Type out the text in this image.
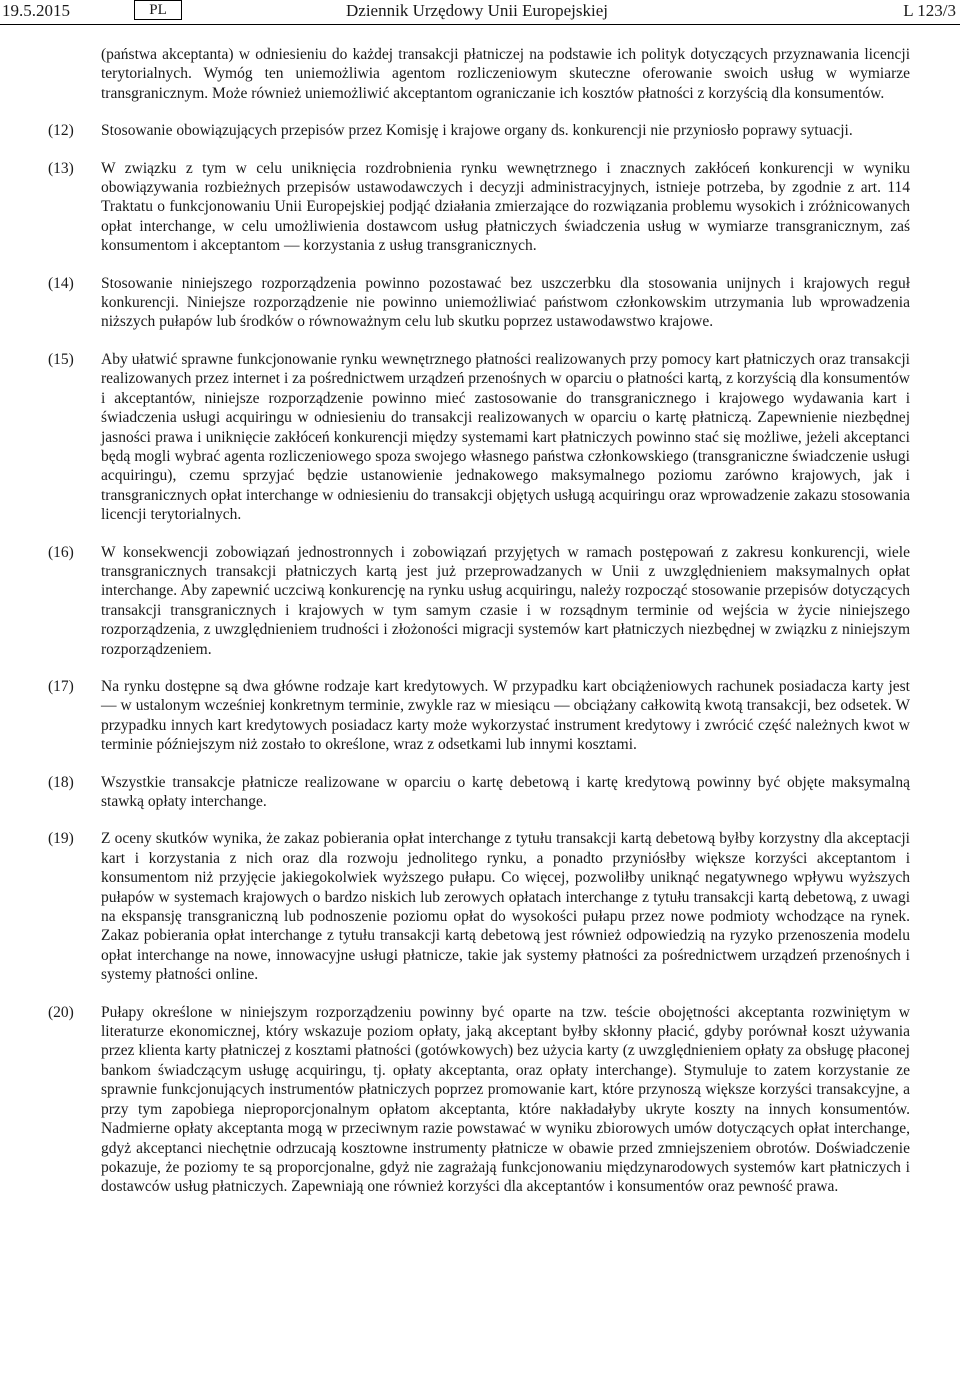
19.5.2015	PL	Dziennik Urzędowy Unii Europejskiej	L 123/3
(państwa akceptanta) w odniesieniu do każdej transakcji płatniczej na podstawie ich polityk dotyczących przyznawania licencji terytorialnych. Wymóg ten uniemożliwia agentom rozliczeniowym skuteczne oferowanie swoich usług w wymiarze transgranicznym. Może również uniemożliwić akceptantom ograniczanie ich kosztów płatności z korzyścią dla konsumentów.
(12) Stosowanie obowiązujących przepisów przez Komisję i krajowe organy ds. konkurencji nie przyniosło poprawy sytuacji.
(13) W związku z tym w celu uniknięcia rozdrobnienia rynku wewnętrznego i znacznych zakłóceń konkurencji w wyniku obowiązywania rozbieżnych przepisów ustawodawczych i decyzji administracyjnych, istnieje potrzeba, by zgodnie z art. 114 Traktatu o funkcjonowaniu Unii Europejskiej podjąć działania zmierzające do rozwiązania problemu wysokich i zróżnicowanych opłat interchange, w celu umożliwienia dostawcom usług płatniczych świadczenia usług w wymiarze transgranicznym, zaś konsumentom i akceptantom — korzystania z usług transgranicznych.
(14) Stosowanie niniejszego rozporządzenia powinno pozostawać bez uszczerbku dla stosowania unijnych i krajowych reguł konkurencji. Niniejsze rozporządzenie nie powinno uniemożliwiać państwom członkowskim utrzymania lub wprowadzenia niższych pułapów lub środków o równoważnym celu lub skutku poprzez ustawodawstwo krajowe.
(15) Aby ułatwić sprawne funkcjonowanie rynku wewnętrznego płatności realizowanych przy pomocy kart płatniczych oraz transakcji realizowanych przez internet i za pośrednictwem urządzeń przenośnych w oparciu o płatności kartą, z korzyścią dla konsumentów i akceptantów, niniejsze rozporządzenie powinno mieć zastosowanie do transgranicznego i krajowego wydawania kart i świadczenia usługi acquiringu w odniesieniu do transakcji realizowanych w oparciu o kartę płatniczą. Zapewnienie niezbędnej jasności prawa i uniknięcie zakłóceń konkurencji między systemami kart płatniczych powinno stać się możliwe, jeżeli akceptanci będą mogli wybrać agenta rozliczeniowego spoza swojego własnego państwa członkowskiego (transgraniczne świadczenie usługi acquiringu), czemu sprzyjać będzie ustanowienie jednakowego maksymalnego poziomu zarówno krajowych, jak i transgranicznych opłat interchange w odniesieniu do transakcji objętych usługą acquiringu oraz wprowadzenie zakazu stosowania licencji terytorialnych.
(16) W konsekwencji zobowiązań jednostronnych i zobowiązań przyjętych w ramach postępowań z zakresu konkurencji, wiele transgranicznych transakcji płatniczych kartą jest już przeprowadzanych w Unii z uwzględnieniem maksymalnych opłat interchange. Aby zapewnić uczciwą konkurencję na rynku usług acquiringu, należy rozpocząć stosowanie przepisów dotyczących transakcji transgranicznych i krajowych w tym samym czasie i w rozsądnym terminie od wejścia w życie niniejszego rozporządzenia, z uwzględnieniem trudności i złożoności migracji systemów kart płatniczych niezbędnej w związku z niniejszym rozporządzeniem.
(17) Na rynku dostępne są dwa główne rodzaje kart kredytowych. W przypadku kart obciążeniowych rachunek posiadacza karty jest — w ustalonym wcześniej konkretnym terminie, zwykle raz w miesiącu — obciążany całkowitą kwotą transakcji, bez odsetek. W przypadku innych kart kredytowych posiadacz karty może wykorzystać instrument kredytowy i zwrócić część należnych kwot w terminie późniejszym niż zostało to określone, wraz z odsetkami lub innymi kosztami.
(18) Wszystkie transakcje płatnicze realizowane w oparciu o kartę debetową i kartę kredytową powinny być objęte maksymalną stawką opłaty interchange.
(19) Z oceny skutków wynika, że zakaz pobierania opłat interchange z tytułu transakcji kartą debetową byłby korzystny dla akceptacji kart i korzystania z nich oraz dla rozwoju jednolitego rynku, a ponadto przyniósłby większe korzyści akceptantom i konsumentom niż przyjęcie jakiegokolwiek wyższego pułapu. Co więcej, pozwoliłby uniknąć negatywnego wpływu wyższych pułapów w systemach krajowych o bardzo niskich lub zerowych opłatach interchange z tytułu transakcji kartą debetową, z uwagi na ekspansję transgraniczną lub podnoszenie poziomu opłat do wysokości pułapu przez nowe podmioty wchodzące na rynek. Zakaz pobierania opłat interchange z tytułu transakcji kartą debetową jest również odpowiedzią na ryzyko przenoszenia modelu opłat interchange na nowe, innowacyjne usługi płatnicze, takie jak systemy płatności za pośrednictwem urządzeń przenośnych i systemy płatności online.
(20) Pułapy określone w niniejszym rozporządzeniu powinny być oparte na tzw. teście obojętności akceptanta rozwiniętym w literaturze ekonomicznej, który wskazuje poziom opłaty, jaką akceptant byłby skłonny płacić, gdyby porównał koszt używania przez klienta karty płatniczej z kosztami płatności (gotówkowych) bez użycia karty (z uwzględnieniem opłaty za obsługę płaconej bankom świadczącym usługę acquiringu, tj. opłaty akceptanta, oraz opłaty interchange). Stymuluje to zatem korzystanie ze sprawnie funkcjonujących instrumentów płatniczych poprzez promowanie kart, które przynoszą większe korzyści transakcyjne, a przy tym zapobiega nieproporcjonalnym opłatom akceptanta, które nakładałyby ukryte koszty na innych konsumentów. Nadmierne opłaty akceptanta mogą w przeciwnym razie powstawać w wyniku zbiorowych umów dotyczących opłat interchange, gdyż akceptanci niechętnie odrzucają kosztowne instrumenty płatnicze w obawie przed zmniejszeniem obrotów. Doświadczenie pokazuje, że poziomy te są proporcjonalne, gdyż nie zagrażają funkcjonowaniu międzynarodowych systemów kart płatniczych i dostawców usług płatniczych. Zapewniają one również korzyści dla akceptantów i konsumentów oraz pewność prawa.
